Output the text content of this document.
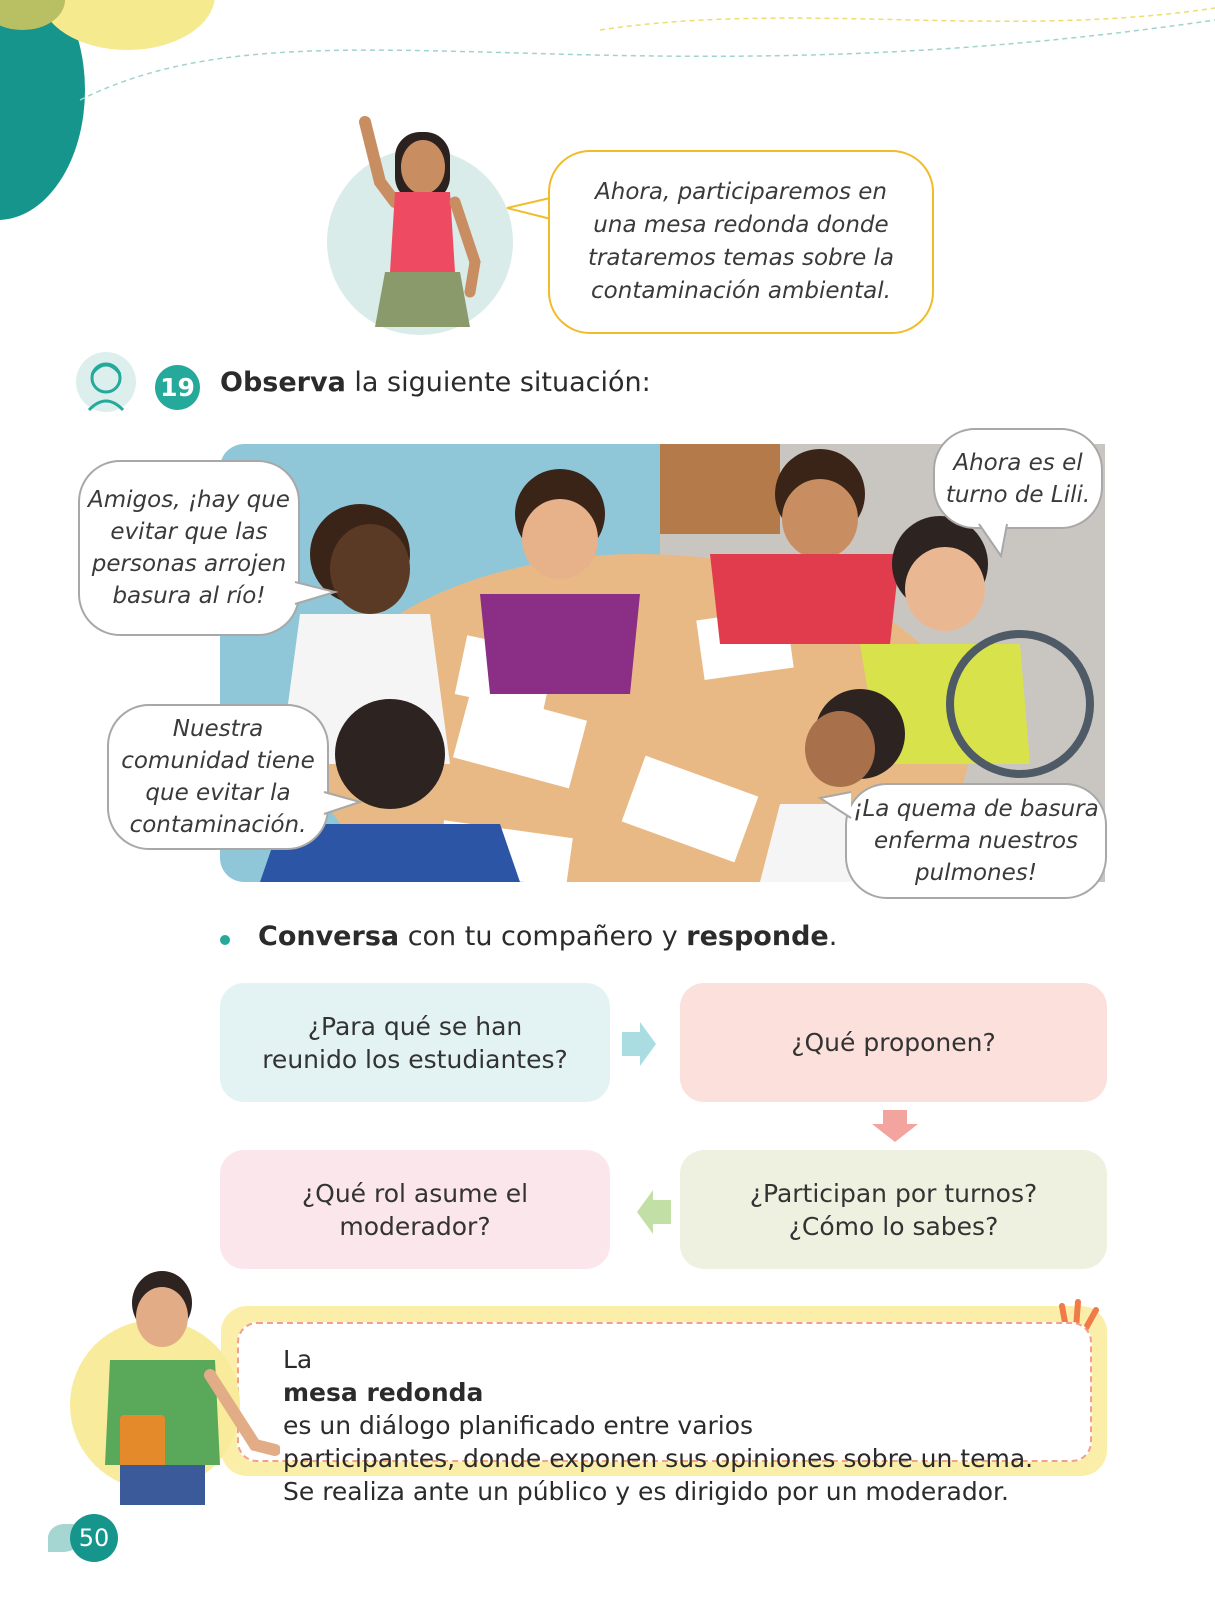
Ahora, participaremos en
una mesa redonda donde
trataremos temas sobre la
contaminación ambiental.
19 Observa la siguiente situación:
Amigos, ¡hay que
evitar que las
personas arrojen
basura al río!
Nuestra
comunidad tiene
que evitar la
contaminación.
Ahora es el
turno de Lili.
¡La quema de basura
enferma nuestros
pulmones!
Conversa con tu compañero y responde.
¿Para qué se han
reunido los estudiantes?
¿Qué proponen?
¿Qué rol asume el
moderador?
¿Participan por turnos?
¿Cómo lo sabes?
La
mesa redonda
es un diálogo planificado entre varios
participantes, donde exponen sus opiniones sobre un tema.
Se realiza ante un público y es dirigido por un moderador.
50
